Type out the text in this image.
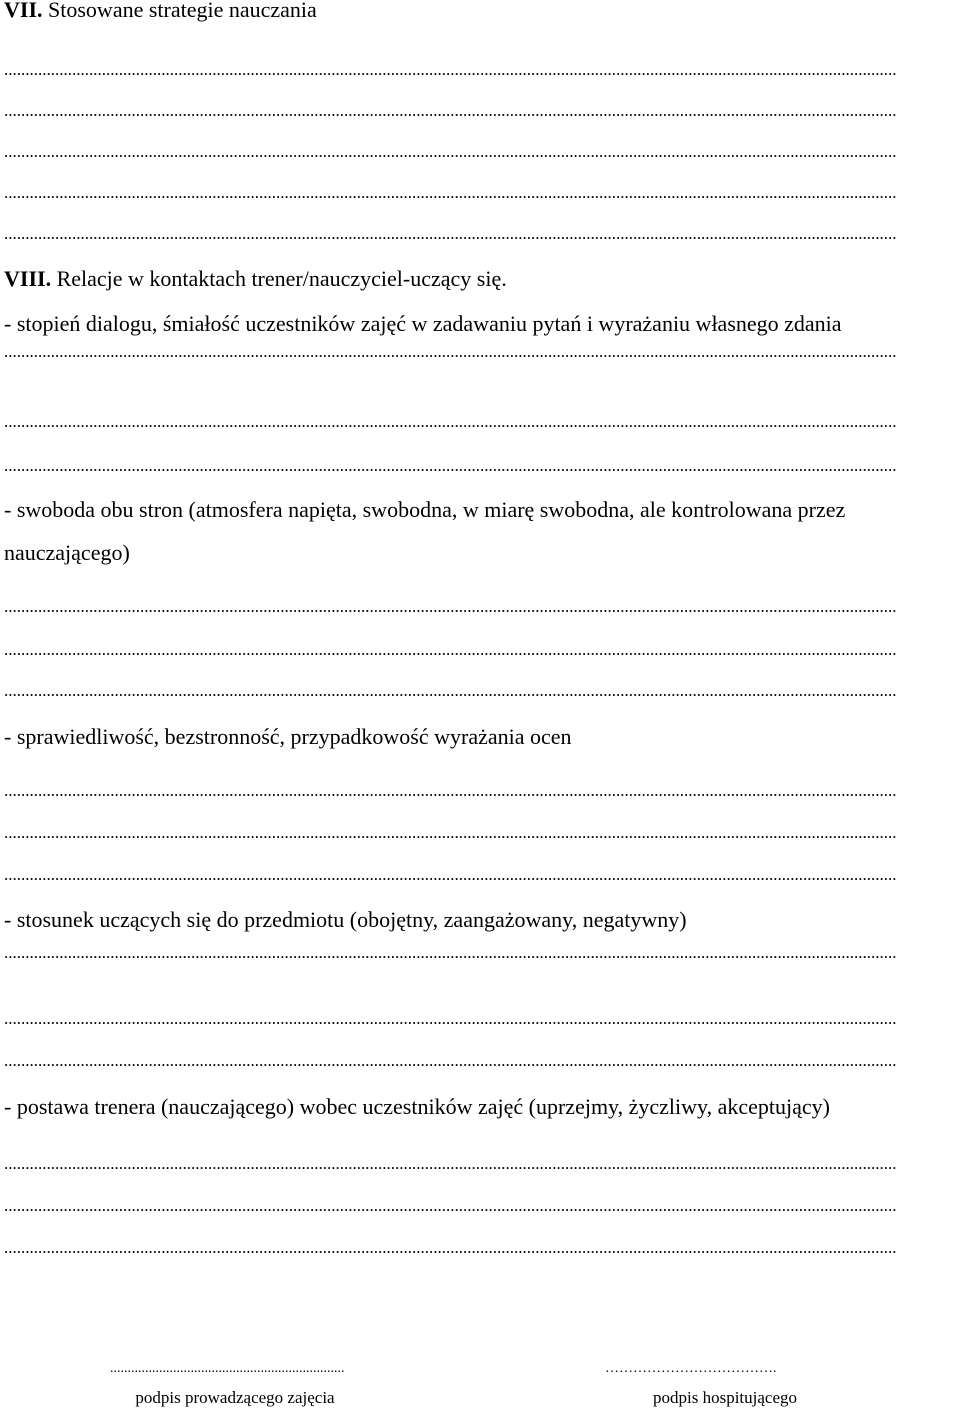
VII. Stosowane strategie nauczania
..................................................................................................................................................................................................................
..................................................................................................................................................................................................................
..................................................................................................................................................................................................................
..................................................................................................................................................................................................................
..................................................................................................................................................................................................................
VIII. Relacje w kontaktach trener/nauczyciel-uczący się.
- stopień dialogu, śmiałość uczestników zajęć w zadawaniu pytań i wyrażaniu własnego zdania
..................................................................................................................................................................................................................
..................................................................................................................................................................................................................
..................................................................................................................................................................................................................
- swoboda obu stron (atmosfera napięta, swobodna, w miarę swobodna, ale kontrolowana przez
nauczającego)
..................................................................................................................................................................................................................
..................................................................................................................................................................................................................
..................................................................................................................................................................................................................
- sprawiedliwość, bezstronność, przypadkowość wyrażania ocen
..................................................................................................................................................................................................................
..................................................................................................................................................................................................................
..................................................................................................................................................................................................................
- stosunek uczących się do przedmiotu (obojętny, zaangażowany, negatywny)
..................................................................................................................................................................................................................
..................................................................................................................................................................................................................
..................................................................................................................................................................................................................
- postawa trenera (nauczającego) wobec uczestników zajęć (uprzejmy, życzliwy, akceptujący)
..................................................................................................................................................................................................................
..................................................................................................................................................................................................................
..................................................................................................................................................................................................................
...................................................................	……………………………….
podpis prowadzącego zajęcia	podpis hospitującego
